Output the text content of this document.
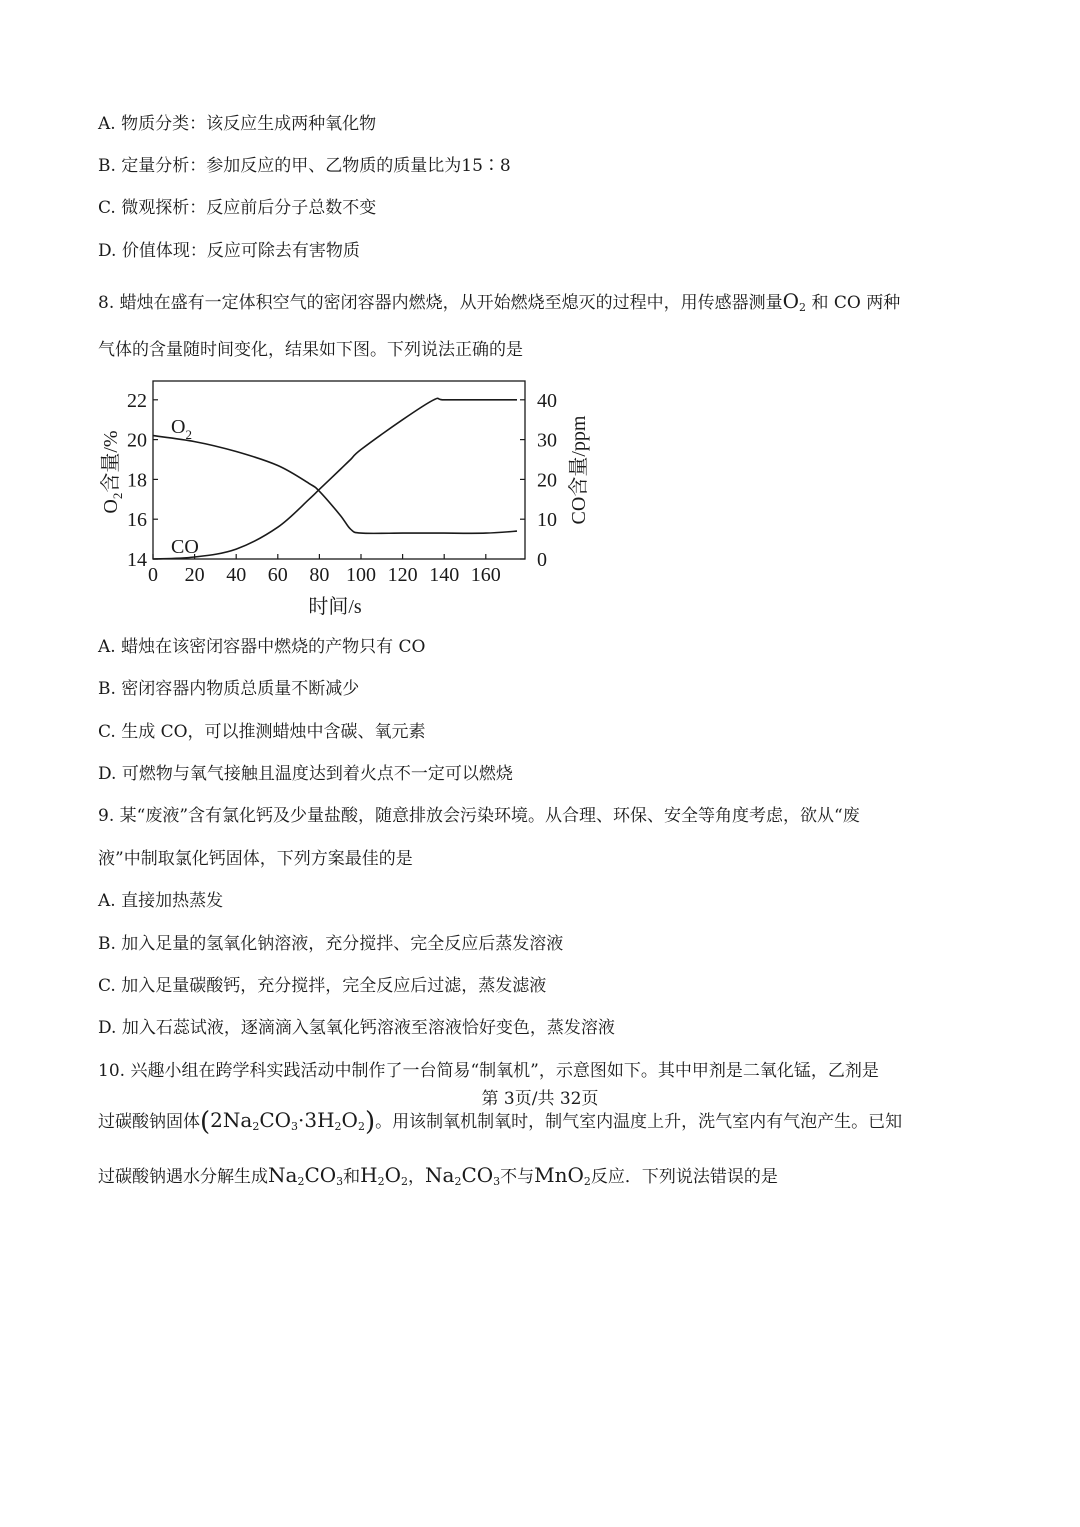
A. 物质分类：该反应生成两种氧化物
B. 定量分析：参加反应的甲、乙物质的质量比为15∶8
C. 微观探析：反应前后分子总数不变
D. 价值体现：反应可除去有害物质
8. 蜡烛在盛有一定体积空气的密闭容器内燃烧，从开始燃烧至熄灭的过程中，用传感器测量$O_2$ 和 CO 两种
气体的含量随时间变化，结果如下图。下列说法正确的是
0 20 40 60 80 100 120 140 160
14
16
18
20
22
0
10
20
30
40
$O_2$
CO
时间/s
$O_2$含量/%	CO含量/ppm
A. 蜡烛在该密闭容器中燃烧的产物只有 CO
B. 密闭容器内物质总质量不断减少
C. 生成 CO，可以推测蜡烛中含碳、氧元素
D. 可燃物与氧气接触且温度达到着火点不一定可以燃烧
9. 某“废液”含有氯化钙及少量盐酸，随意排放会污染环境。从合理、环保、安全等角度考虑，欲从“废
液”中制取氯化钙固体，下列方案最佳的是
A. 直接加热蒸发
B. 加入足量的氢氧化钠溶液，充分搅拌、完全反应后蒸发溶液
C. 加入足量碳酸钙，充分搅拌，完全反应后过滤，蒸发滤液
D. 加入石蕊试液，逐滴滴入氢氧化钙溶液至溶液恰好变色，蒸发溶液
10. 兴趣小组在跨学科实践活动中制作了一台简易“制氧机”，示意图如下。其中甲剂是二氧化锰，乙剂是
过碳酸钠固体$(2Na_2CO_3\cdot 3H_2O_2)$。用该制氧机制氧时，制气室内温度上升，洗气室内有气泡产生。已知
过碳酸钠遇水分解生成$Na_2CO_3$和$H_2O_2$，$Na_2CO_3$不与MnO$_2$反应．下列说法错误的是
第 3页/共 32页
